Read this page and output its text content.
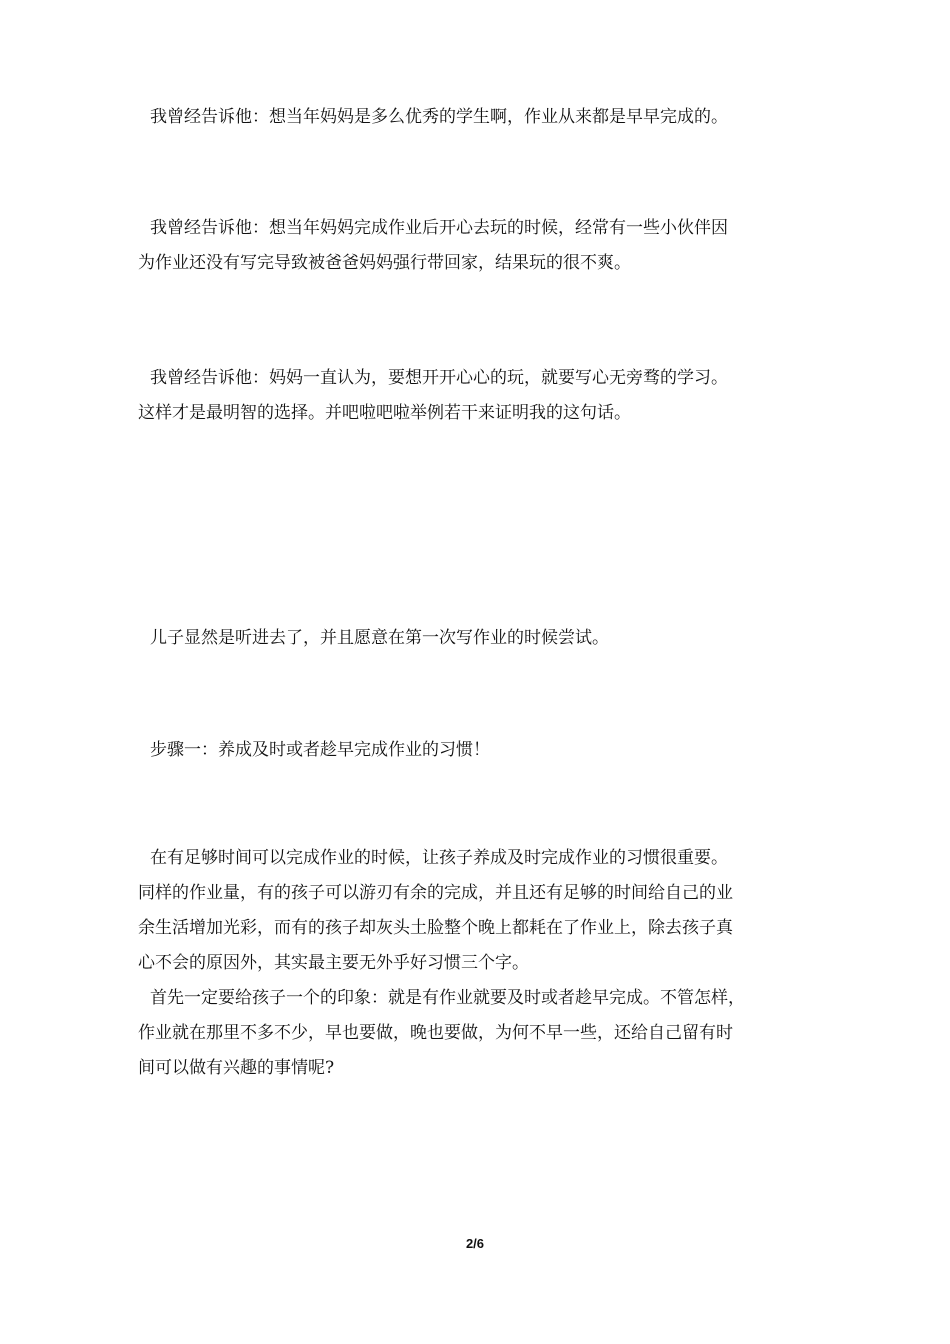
我曾经告诉他：想当年妈妈是多么优秀的学生啊，作业从来都是早早完成的。
我曾经告诉他：想当年妈妈完成作业后开心去玩的时候，经常有一些小伙伴因
为作业还没有写完导致被爸爸妈妈强行带回家，结果玩的很不爽。
我曾经告诉他：妈妈一直认为，要想开开心心的玩，就要写心无旁骛的学习。
这样才是最明智的选择。并吧啦吧啦举例若干来证明我的这句话。
儿子显然是听进去了，并且愿意在第一次写作业的时候尝试。
步骤一：养成及时或者趁早完成作业的习惯！
在有足够时间可以完成作业的时候，让孩子养成及时完成作业的习惯很重要。
同样的作业量，有的孩子可以游刃有余的完成，并且还有足够的时间给自己的业
余生活增加光彩，而有的孩子却灰头土脸整个晚上都耗在了作业上，除去孩子真
心不会的原因外，其实最主要无外乎好习惯三个字。
首先一定要给孩子一个的印象：就是有作业就要及时或者趁早完成。不管怎样，
作业就在那里不多不少，早也要做，晚也要做，为何不早一些，还给自己留有时
间可以做有兴趣的事情呢?
2/6
